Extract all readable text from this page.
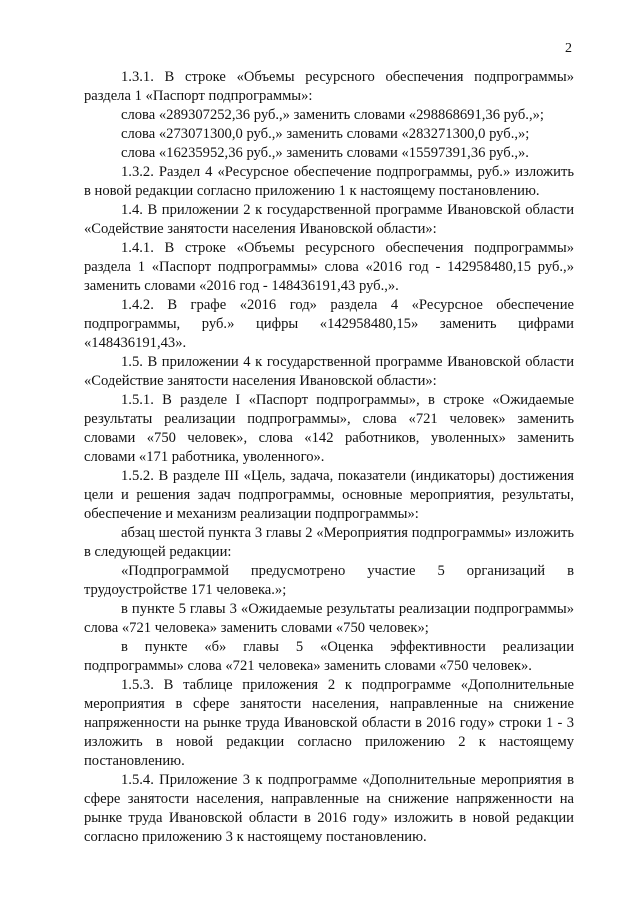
2

1.3.1. В строке «Объемы ресурсного обеспечения подпрограммы» раздела 1 «Паспорт подпрограммы»:

слова «289307252,36 руб.,» заменить словами «298868691,36 руб.,»;

слова «273071300,0 руб.,» заменить словами «283271300,0 руб.,»;

слова «16235952,36 руб.,» заменить словами «15597391,36 руб.,».

1.3.2. Раздел 4 «Ресурсное обеспечение подпрограммы, руб.» изложить в новой редакции согласно приложению 1 к настоящему постановлению.

1.4. В приложении 2 к государственной программе Ивановской области «Содействие занятости населения Ивановской области»:

1.4.1. В строке «Объемы ресурсного обеспечения подпрограммы» раздела 1 «Паспорт подпрограммы» слова «2016 год - 142958480,15 руб.,» заменить словами «2016 год - 148436191,43 руб.,».

1.4.2. В графе «2016 год» раздела 4 «Ресурсное обеспечение подпрограммы, руб.» цифры «142958480,15» заменить цифрами «148436191,43».

1.5. В приложении 4 к государственной программе Ивановской области «Содействие занятости населения Ивановской области»:

1.5.1. В разделе I «Паспорт подпрограммы», в строке «Ожидаемые результаты реализации подпрограммы», слова «721 человек» заменить словами «750 человек», слова «142 работников, уволенных» заменить словами «171 работника, уволенного».

1.5.2. В разделе III «Цель, задача, показатели (индикаторы) достижения цели и решения задач подпрограммы, основные мероприятия, результаты, обеспечение и механизм реализации подпрограммы»:

абзац шестой пункта 3 главы 2 «Мероприятия подпрограммы» изложить в следующей редакции:

«Подпрограммой предусмотрено участие 5 организаций в трудоустройстве 171 человека.»;

в пункте 5 главы 3 «Ожидаемые результаты реализации подпрограммы» слова «721 человека» заменить словами «750 человек»;

в пункте «б» главы 5 «Оценка эффективности реализации подпрограммы» слова «721 человека» заменить словами «750 человек».

1.5.3. В таблице приложения 2 к подпрограмме «Дополнительные мероприятия в сфере занятости населения, направленные на снижение напряженности на рынке труда Ивановской области в 2016 году» строки 1 - 3 изложить в новой редакции согласно приложению 2 к настоящему постановлению.

1.5.4. Приложение 3 к подпрограмме «Дополнительные мероприятия в сфере занятости населения, направленные на снижение напряженности на рынке труда Ивановской области в 2016 году» изложить в новой редакции согласно приложению 3 к настоящему постановлению.
